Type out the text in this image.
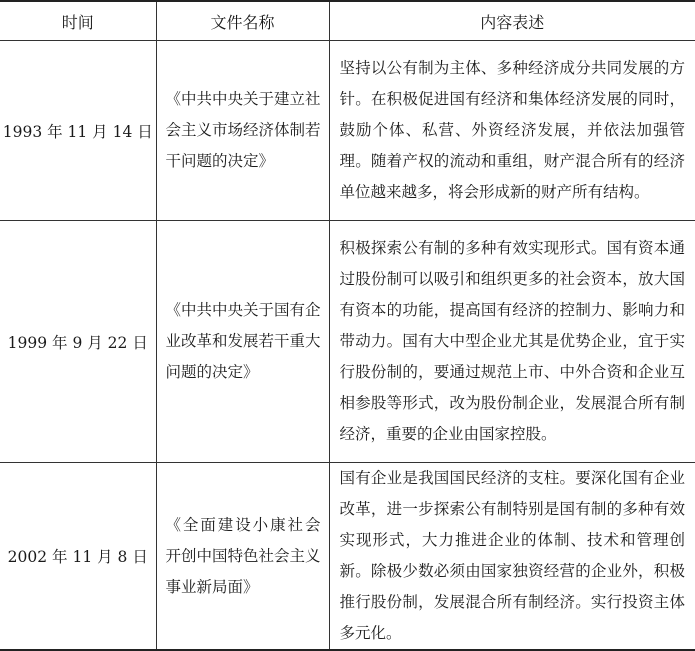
时间	文件名称	内容表述
1993 年 11 月 14 日	《中共中央关于建立社会主义市场经济体制若干问题的决定》	坚持以公有制为主体、多种经济成分共同发展的方针。在积极促进国有经济和集体经济发展的同时，鼓励个体、私营、外资经济发展，并依法加强管理。随着产权的流动和重组，财产混合所有的经济单位越来越多，将会形成新的财产所有结构。
1999 年 9 月 22 日	《中共中央关于国有企业改革和发展若干重大问题的决定》	积极探索公有制的多种有效实现形式。国有资本通过股份制可以吸引和组织更多的社会资本，放大国有资本的功能，提高国有经济的控制力、影响力和带动力。国有大中型企业尤其是优势企业，宜于实行股份制的，要通过规范上市、中外合资和企业互相参股等形式，改为股份制企业，发展混合所有制经济，重要的企业由国家控股。
2002 年 11 月 8 日	《全面建设小康社会　开创中国特色社会主义事业新局面》	国有企业是我国国民经济的支柱。要深化国有企业改革，进一步探索公有制特别是国有制的多种有效实现形式，大力推进企业的体制、技术和管理创新。除极少数必须由国家独资经营的企业外，积极推行股份制，发展混合所有制经济。实行投资主体多元化。
